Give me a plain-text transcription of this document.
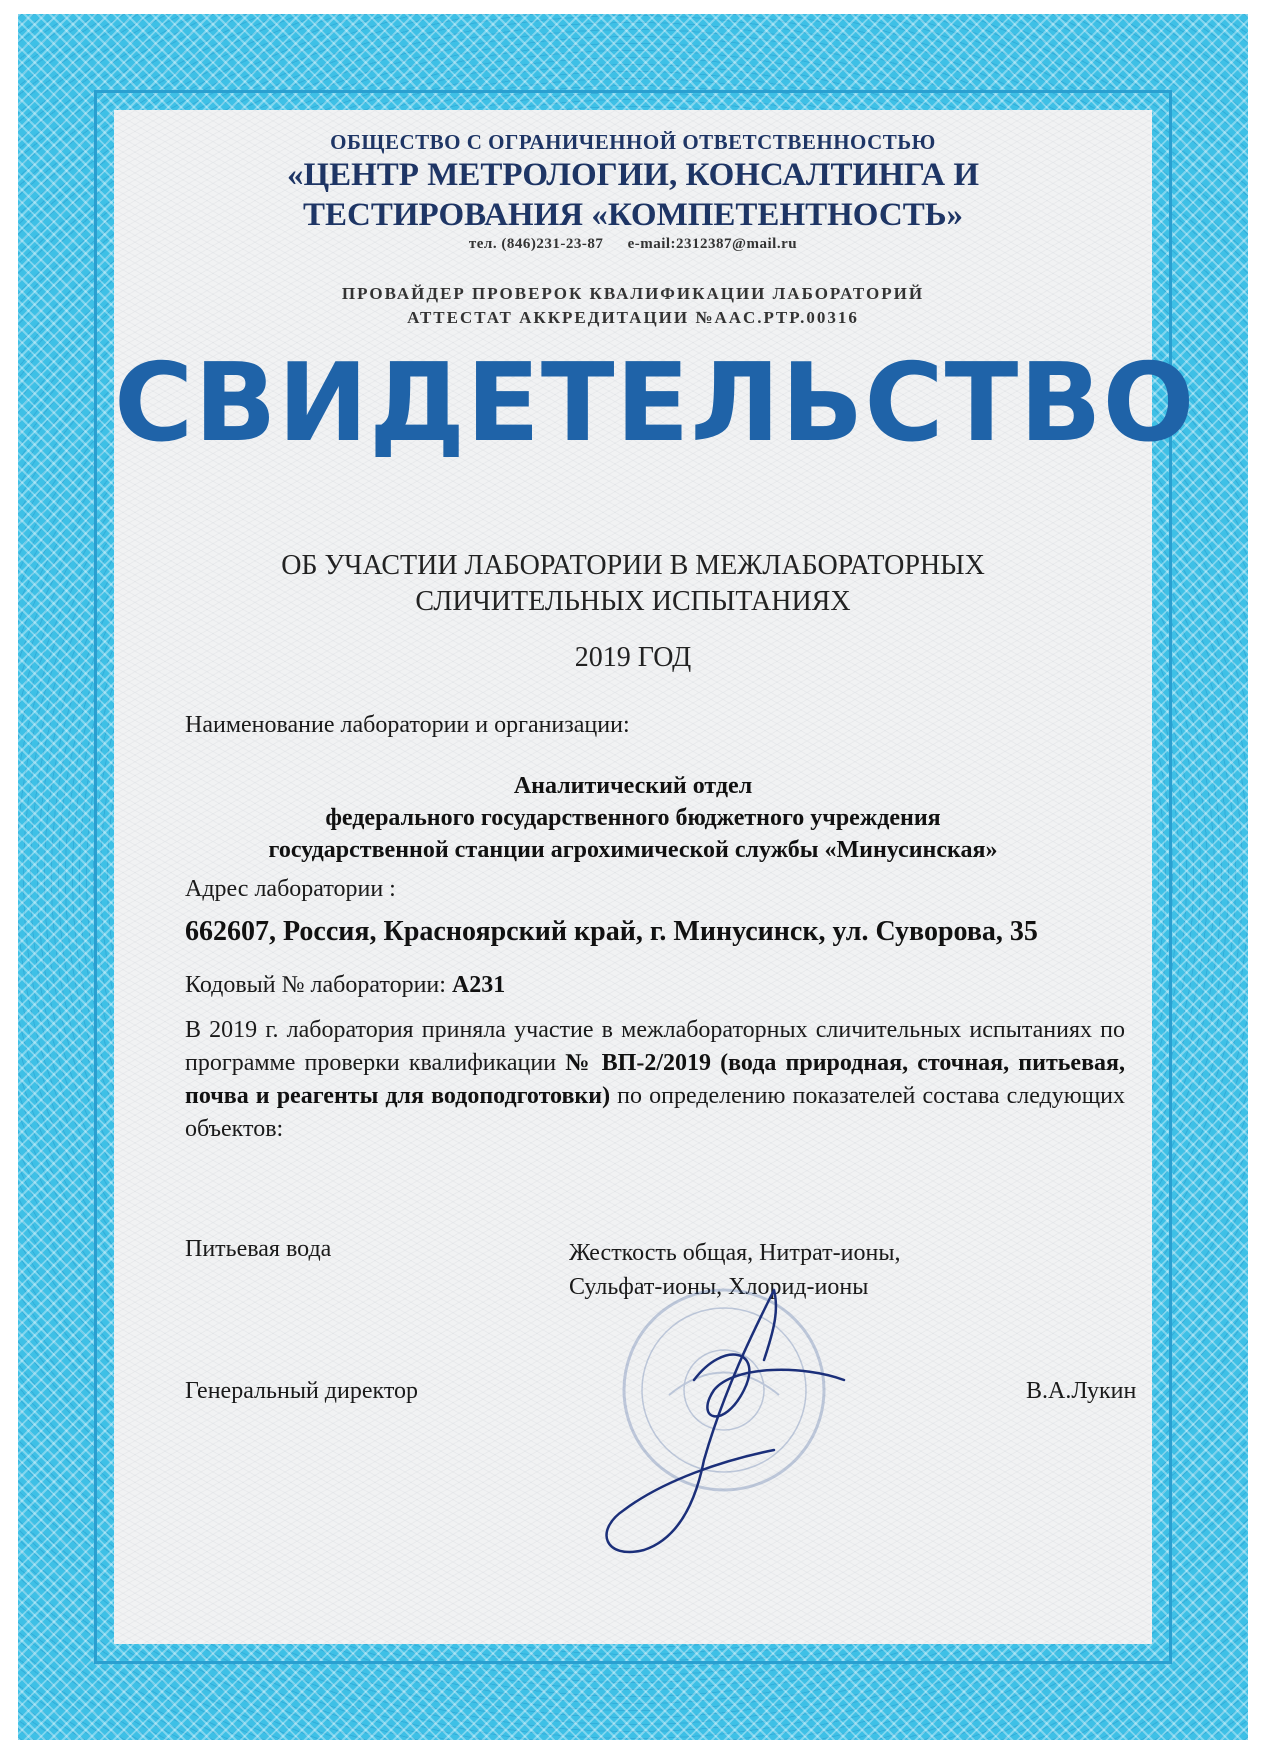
ОБЩЕСТВО С ОГРАНИЧЕННОЙ ОТВЕТСТВЕННОСТЬЮ
«ЦЕНТР МЕТРОЛОГИИ, КОНСАЛТИНГА И
ТЕСТИРОВАНИЯ «КОМПЕТЕНТНОСТЬ»
тел. (846)231-23-87 e-mail:2312387@mail.ru
ПРОВАЙДЕР ПРОВЕРОК КВАЛИФИКАЦИИ ЛАБОРАТОРИЙ
АТТЕСТАТ АККРЕДИТАЦИИ №AAC.PTP.00316
СВИДЕТЕЛЬСТВО
ОБ УЧАСТИИ ЛАБОРАТОРИИ В МЕЖЛАБОРАТОРНЫХ
СЛИЧИТЕЛЬНЫХ ИСПЫТАНИЯХ
2019 ГОД
Наименование лаборатории и организации:
Аналитический отдел
федерального государственного бюджетного учреждения
государственной станции агрохимической службы «Минусинская»
Адрес лаборатории :
662607, Россия, Красноярский край, г. Минусинск, ул. Суворова, 35
Кодовый № лаборатории: А231
В 2019 г. лаборатория приняла участие в межлабораторных сличительных испытаниях по программе проверки квалификации № ВП-2/2019 (вода природная, сточная, питьевая, почва и реагенты для водоподготовки) по определению показателей состава следующих объектов:
Питьевая вода	Жесткость общая, Нитрат-ионы,
Сульфат-ионы, Хлорид-ионы
Генеральный директор	В.А.Лукин
